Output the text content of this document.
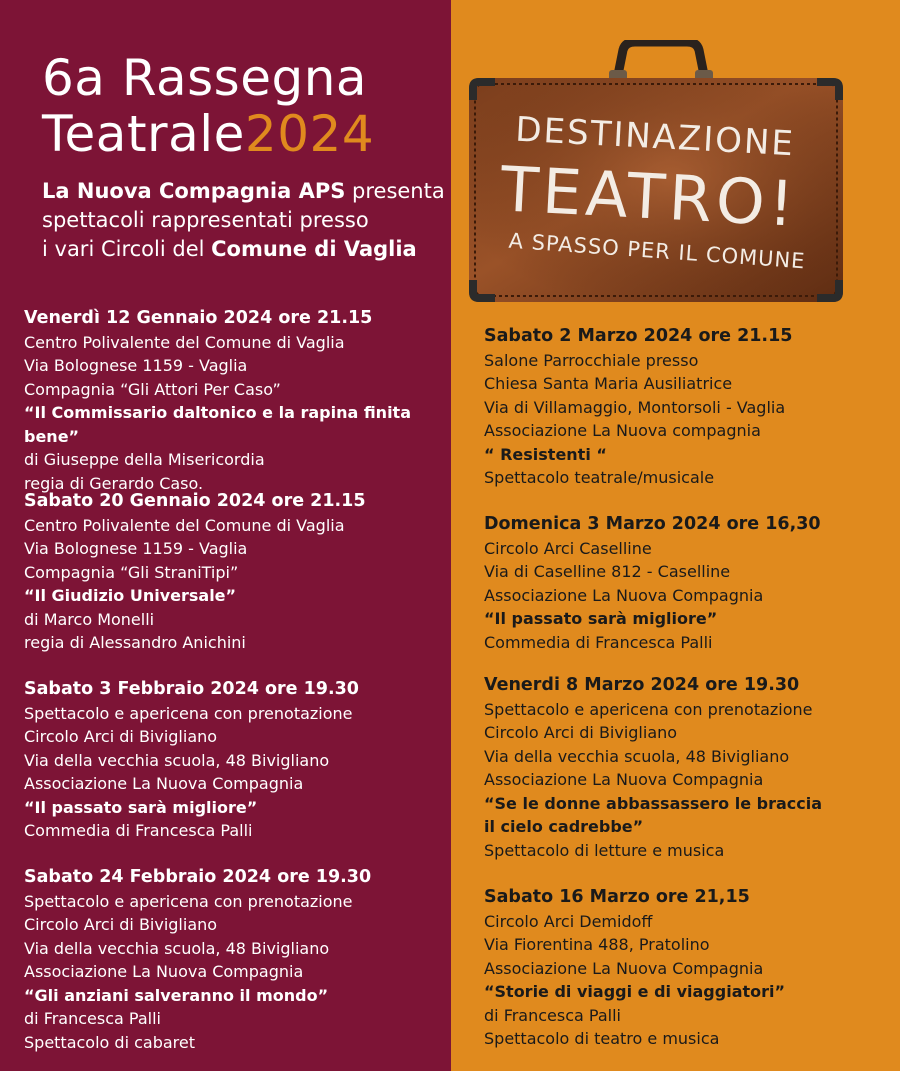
6a Rassegna
Teatrale2024
La Nuova Compagnia APS presenta
spettacoli rappresentati presso
i vari Circoli del Comune di Vaglia
Venerdì 12 Gennaio 2024 ore 21.15
Centro Polivalente del Comune di Vaglia
Via Bolognese 1159 - Vaglia
Compagnia “Gli Attori Per Caso”
“Il Commissario daltonico e la rapina finita bene”
di Giuseppe della Misericordia
regia di Gerardo Caso.
Sabato 20 Gennaio 2024 ore 21.15
Centro Polivalente del Comune di Vaglia
Via Bolognese 1159 - Vaglia
Compagnia “Gli StraniTipi”
“Il Giudizio Universale”
di Marco Monelli
regia di Alessandro Anichini
Sabato 3 Febbraio 2024 ore 19.30
Spettacolo e apericena con prenotazione
Circolo Arci di Bivigliano
Via della vecchia scuola, 48 Bivigliano
Associazione La Nuova Compagnia
“Il passato sarà migliore”
Commedia di Francesca Palli
Sabato 24 Febbraio 2024 ore 19.30
Spettacolo e apericena con prenotazione
Circolo Arci di Bivigliano
Via della vecchia scuola, 48 Bivigliano
Associazione La Nuova Compagnia
“Gli anziani salveranno il mondo”
di Francesca Palli
Spettacolo di cabaret
DESTINAZIONE
TEATRO!
A SPASSO PER IL COMUNE
Sabato 2 Marzo 2024 ore 21.15
Salone Parrocchiale presso
Chiesa Santa Maria Ausiliatrice
Via di Villamaggio, Montorsoli - Vaglia
Associazione La Nuova compagnia
“ Resistenti “
Spettacolo teatrale/musicale
Domenica 3 Marzo 2024 ore 16,30
Circolo Arci Caselline
Via di Caselline 812 - Caselline
Associazione La Nuova Compagnia
“Il passato sarà migliore”
Commedia di Francesca Palli
Venerdi 8 Marzo 2024 ore 19.30
Spettacolo e apericena con prenotazione
Circolo Arci di Bivigliano
Via della vecchia scuola, 48 Bivigliano
Associazione La Nuova Compagnia
“Se le donne abbassassero le braccia
il cielo cadrebbe”
Spettacolo di letture e musica
Sabato 16 Marzo ore 21,15
Circolo Arci Demidoff
Via Fiorentina 488, Pratolino
Associazione La Nuova Compagnia
“Storie di viaggi e di viaggiatori”
di Francesca Palli
Spettacolo di teatro e musica
